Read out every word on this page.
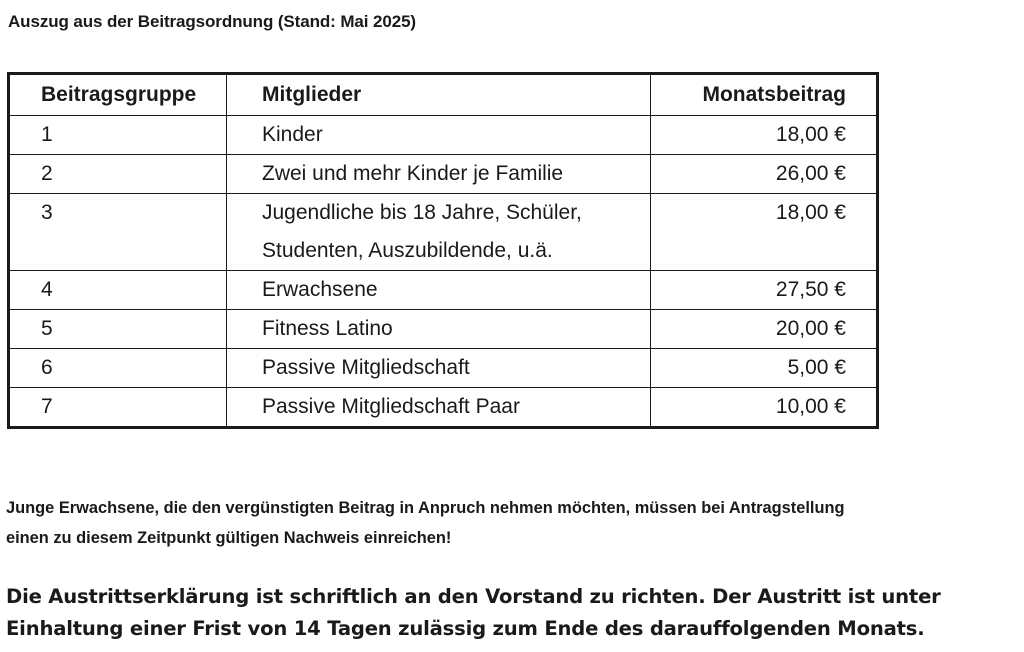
Auszug aus der Beitragsordnung (Stand: Mai 2025)
Beitragsgruppe	Mitglieder	Monatsbeitrag
1	Kinder	18,00 €
2	Zwei und mehr Kinder je Familie	26,00 €

3	Jugendliche bis 18 Jahre, Schüler,
Studenten, Auszubildende, u.ä.	18,00 €

4	Erwachsene	27,50 €
5	Fitness Latino	20,00 €
6	Passive Mitgliedschaft	5,00 €
7	Passive Mitgliedschaft Paar	10,00 €

Junge Erwachsene, die den vergünstigten Beitrag in Anpruch nehmen möchten, müssen bei Antragstellung
einen zu diesem Zeitpunkt gültigen Nachweis einreichen!

Die Austrittserklärung ist schriftlich an den Vorstand zu richten. Der Austritt ist unter
Einhaltung einer Frist von 14 Tagen zulässig zum Ende des darauffolgenden Monats.
